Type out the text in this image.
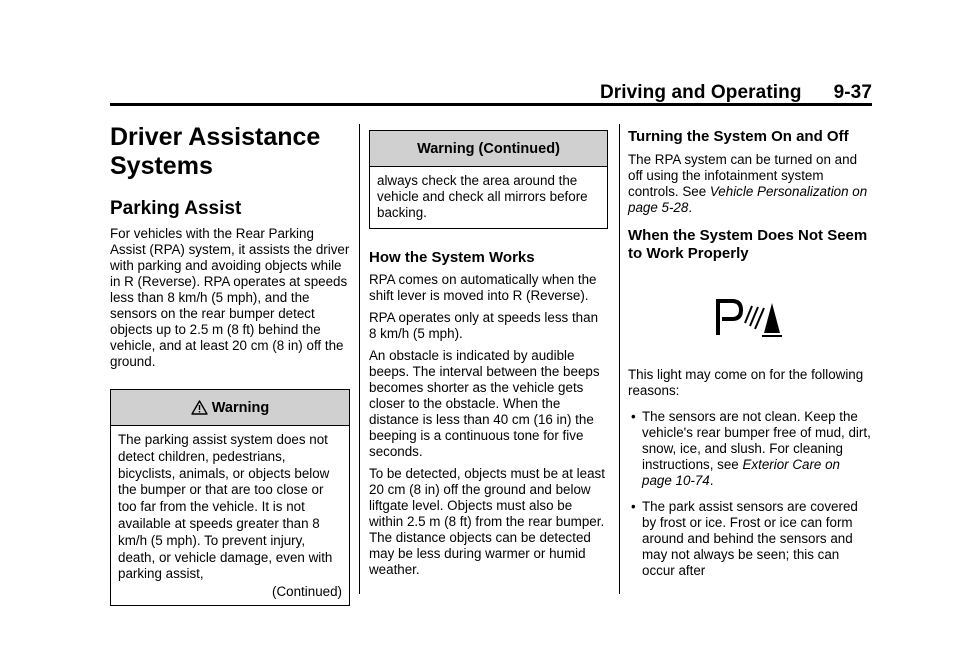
Driving and Operating 9-37
Driver Assistance
Systems
Parking Assist

For vehicles with the Rear Parking Assist (RPA) system, it assists the driver with parking and avoiding objects while in R (Reverse). RPA operates at speeds less than 8 km/h (5 mph), and the sensors on the rear bumper detect objects up to 2.5 m (8 ft) behind the vehicle, and at least 20 cm (8 in) off the ground.

Warning
The parking assist system does not detect children, pedestrians, bicyclists, animals, or objects below the bumper or that are too close or too far from the vehicle. It is not available at speeds greater than 8 km/h (5 mph). To prevent injury, death, or vehicle damage, even with parking assist,
(Continued)
Warning (Continued)
always check the area around the vehicle and check all mirrors before backing.
How the System Works

RPA comes on automatically when the shift lever is moved into R (Reverse).

RPA operates only at speeds less than 8 km/h (5 mph).

An obstacle is indicated by audible beeps. The interval between the beeps becomes shorter as the vehicle gets closer to the obstacle. When the distance is less than 40 cm (16 in) the beeping is a continuous tone for five seconds.

To be detected, objects must be at least 20 cm (8 in) off the ground and below liftgate level. Objects must also be within 2.5 m (8 ft) from the rear bumper. The distance objects can be detected may be less during warmer or humid weather.

Turning the System On and Off

The RPA system can be turned on and off using the infotainment system controls. See Vehicle Personalization on page 5-28.

When the System Does Not Seem to Work Properly

This light may come on for the following reasons:

• The sensors are not clean. Keep the vehicle's rear bumper free of mud, dirt, snow, ice, and slush. For cleaning instructions, see Exterior Care on page 10-74.
• The park assist sensors are covered by frost or ice. Frost or ice can form around and behind the sensors and may not always be seen; this can occur after
